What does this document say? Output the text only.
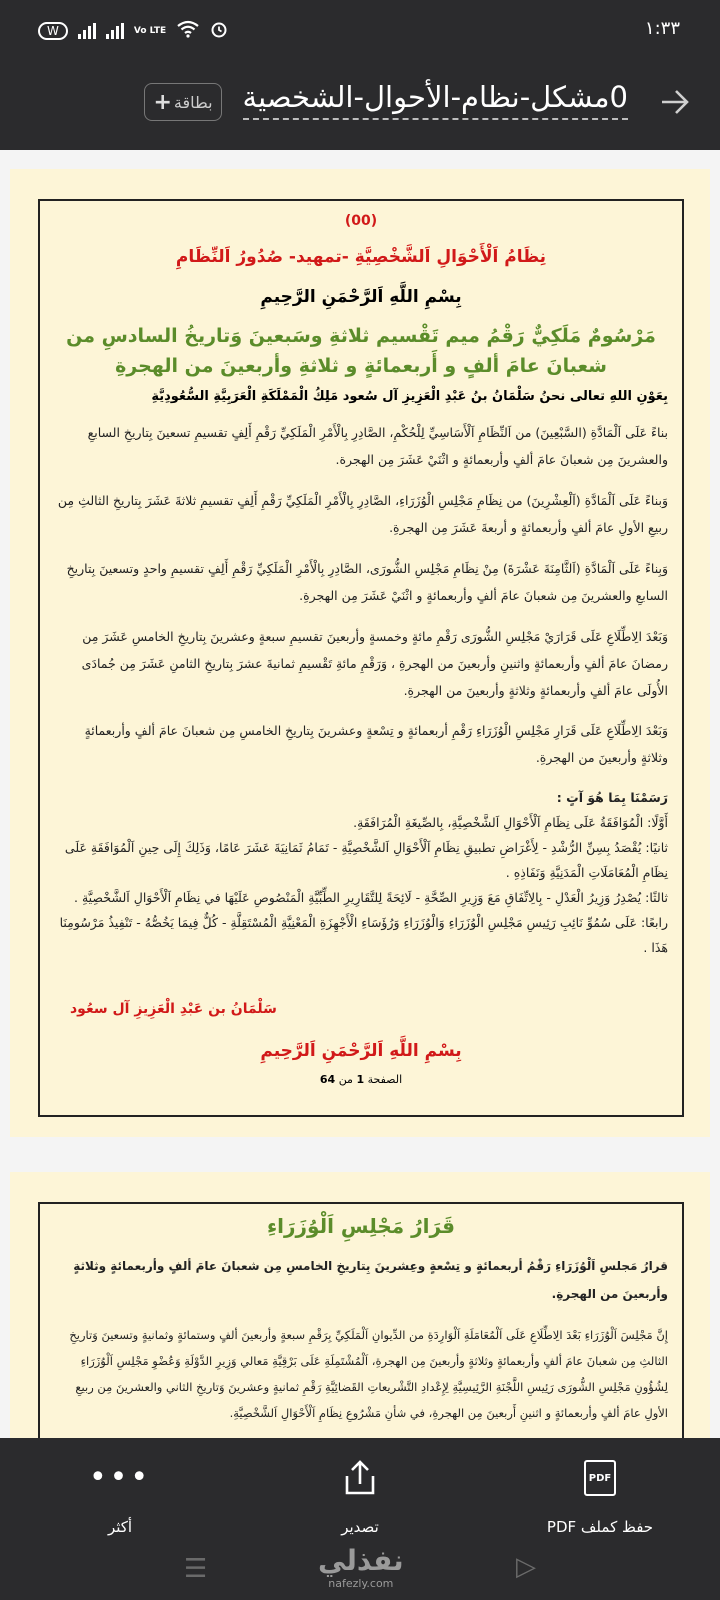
W	Vo LTE	١:٣٣
0مشكل-نظام-الأحوال-الشخصية
+ بطاقة
(00)
نِظَامُ اَلْأَحْوَالِ اَلشَّخْصِيَّةِ -تمهيد- صُدُورُ اَلنِّظَامِ
بِسْمِ اللَّهِ اَلرَّحْمَنِ الرَّحِيمِ
مَرْسُومٌ مَلَكِيٌّ رَقْمُ ميم تَقْسيم ثلاثةِ وسَبعينَ وَتاريخُ السادسِ من شعبانَ عامَ ألفٍ و أَربعمائةٍ و ثلاثةِ وأربعينَ من الهجرةِ
بِعَوْنِ اللهِ تعالى نحنُ سَلْمَانُ بنُ عَبْدِ الْعَزِيزِ آل سُعود مَلِكُ الْمَمْلَكَةِ الْعَرَبِيَّةِ السُّعُودِيَّةِ
بناءً عَلَى اَلْمَادَّةِ (السَّبْعِينَ) من اَلنِّظَامِ اَلْأَسَاسِيِّ لِلْحُكْمِ، الصَّادِرِ بِالْأَمْرِ الْمَلَكِيِّ رَقْمِ أَلِفٍ تقسيمِ تسعينَ بِتاريخِ السابعِ والعشرينَ مِن شعبانَ عامَ ألفٍ وأربعمائةٍ و اثْنَيْ عَشَرَ مِن الهجرة.
وَبناءً عَلَى اَلْمَادَّةِ (اَلْعِشْرِينَ) من نِظَامِ مَجْلِسِ الْوُزَرَاءِ، الصَّادِرِ بِالْأَمْرِ الْمَلَكِيِّ رَقْمِ أَلِفٍ تقسيمِ ثلاثةَ عَشَرَ بِتاريخِ الثالثِ مِن ربيعِ الأولِ عامَ ألفٍ وأربعمائةٍ و أربعةَ عَشَرَ مِن الهجرةِ.
وَبِناءً عَلَى اَلْمَادَّةِ (اَلثَّامِنَةَ عَشْرَةَ) مِنْ نِظَامِ مَجْلِسِ الشُّورَى، الصَّادِرِ بِالْأَمْرِ الْمَلَكِيِّ رَقْمِ أَلِفٍ تقسيمِ واحدٍ وتسعينَ بِتاريخِ السابعِ والعشرينَ مِن شعبانَ عامَ ألفٍ وأربعمائةٍ و اثْنَيْ عَشَرَ مِن الهجرةِ.
وَبَعْدَ الِاطِّلَاعِ عَلَى قَرَارَيْ مَجْلِسِ الشُّورَى رَقْمِ مائةٍ وخمسةٍ وأربعينَ تقسيمِ سبعةٍ وعشرينَ بِتاريخِ الخامسِ عَشَرَ مِن رمضانَ عامَ ألفٍ وأربعمائةٍ واثنينِ وأربعينَ من الهجرةِ ، وَرَقْمِ مائةِ تَقْسيمِ ثمانيةَ عشرَ بِتاريخِ الثامنِ عَشَرَ مِن جُمادَى الأُولَى عامَ ألفٍ وأربعمائةٍ وثلاثةٍ وأربعينَ من الهجرةِ.
وَبَعْدَ الِاطِّلَاعِ عَلَى قَرَارِ مَجْلِسِ الْوُزَرَاءِ رَقْمِ أربعمائةٍ و تِسْعةٍ وعشرينَ بِتاريخِ الخامسِ مِن شعبانَ عامَ ألفٍ وأربعمائةٍ وثلاثةٍ وأربعينَ من الهجرةِ.
رَسَمْنَا بِمَا هُوَ آتٍ :
أَوَّلًا: الْمُوَافَقَةُ عَلَى نِظَامِ اَلْأَحْوَالِ اَلشَّخْصِيَّةِ، بِالصِّيغَةِ الْمُرَافَقَةِ.
ثانيًا: يُقْصَدُ بِسِنِّ الرُّشْدِ - لِأَغْرَاضِ تطبيقِ نِظَامِ اَلْأَحْوَالِ اَلشَّخْصِيَّةِ - تَمَامُ ثَمَانِيَةَ عَشَرَ عَامًا، وَذَلِكَ إِلَى حِينِ اَلْمُوَافَقَةِ عَلَى نِظَامِ الْمُعَامَلَاتِ الْمَدَنِيَّةِ وَنَفَاذِهِ .
ثالثًا: يُصْدِرُ وَزِيرُ الْعَدْلِ - بِالِاتِّفَاقِ مَعَ وَزِيرِ الصِّحَّةِ - لَائِحَةً لِلتَّقَارِيرِ الطِّبِّيَّةِ الْمَنْصُوصِ عَلَيْهَا في نِظَامِ اَلْأَحْوَالِ اَلشَّخْصِيَّةِ .
رابعًا: عَلَى سُمُوِّ نَائِبِ رَئِيسِ مَجْلِسِ الْوُزَرَاءِ وَالْوُزَرَاءِ وَرُؤَسَاءِ الْأَجْهِزَةِ الْمَعْنِيَّةِ الْمُسْتَقِلَّةِ - كُلٌّ فِيمَا يَخُصُّهُ - تَنْفِيذُ مَرْسُومِنَا هَذَا .
سَلْمَانُ بن عَبْدِ الْعَزِيزِ آل سعُود
بِسْمِ اللَّهِ اَلرَّحْمَنِ اَلرَّحِيمِ
الصفحة 1 من 64
قَرَارُ مَجْلِسِ اَلْوُزَرَاءِ
قرارُ مَجلسِ اَلْوُزَرَاءِ رَقْمُ أربعمائةٍ و تِسْعةٍ وعِشرينَ بِتاريخِ الخامسِ مِن شعبانَ عامَ ألفٍ وأربعمائةٍ وثلاثةٍ وأربعينَ من الهجرةِ.
إِنَّ مَجْلِسَ اَلْوُزَرَاءِ بَعْدَ الِاطِّلَاعِ عَلَى اَلْمُعَامَلَةِ اَلْوَارِدَةِ من الدِّيوانِ اَلْمَلَكِيِّ بِرَقْمِ سبعةٍ وأربعينَ ألفٍ وستمائةٍ وثمانيةٍ وتسعينَ وَتاريخِ الثالثِ مِن شعبانَ عامَ ألفٍ وأربعمائةٍ وثلاثةٍ وأربعينَ مِن الهجرةِ، اَلْمُشْتَمِلَةِ عَلَى بَرْقِيَّةِ مَعالي وَزِيرِ الدَّوْلَةِ وَعُضْوِ مَجْلِسِ اَلْوُزَرَاءِ لِشُؤُونِ مَجْلِسِ الشُّورَى رَئِيسِ اللَّجْنَةِ الرَّئِيسِيَّةِ لِإِعْدادِ التَّشْريعاتِ القَضائِيَّةِ رَقْمِ ثمانيةٍ وعشرينَ وَتاريخِ الثاني والعشرينَ مِن ربيعِ الأولِ عامَ ألفٍ وأربعمائةٍ و اثنينِ أَربعينَ مِن الهجرةِ، في شأنِ مَشْرُوعِ نِظَامِ اَلْأَحْوَالِ اَلشَّخْصِيَّةِ.
•••
أكثر	تصدير
PDF
حفظ كملف PDF
☰	نفذلي
nafezly.com
▷
